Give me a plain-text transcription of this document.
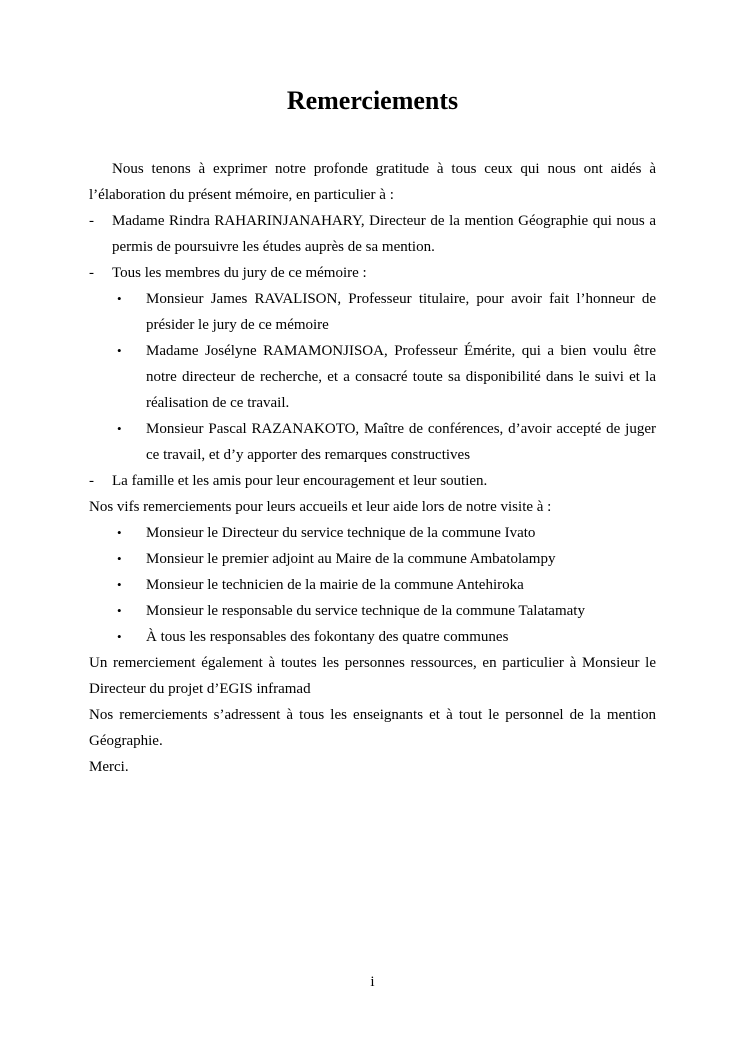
Remerciements

Nous tenons à exprimer notre profonde gratitude à tous ceux qui nous ont aidés à l’élaboration du présent mémoire, en particulier à :

-	Madame Rindra RAHARINJANAHARY, Directeur de la mention Géographie qui nous a permis de poursuivre les études auprès de sa mention.
-	Tous les membres du jury de ce mémoire :
•	Monsieur James RAVALISON, Professeur titulaire, pour avoir fait l’honneur de présider le jury de ce mémoire
•	Madame Josélyne RAMAMONJISOA, Professeur Émérite, qui a bien voulu être notre directeur de recherche, et a consacré toute sa disponibilité dans le suivi et la réalisation de ce travail.
•	Monsieur Pascal RAZANAKOTO, Maître de conférences, d’avoir accepté de juger ce travail, et d’y apporter des remarques constructives
-	La famille et les amis pour leur encouragement et leur soutien.

Nos vifs remerciements pour leurs accueils et leur aide lors de notre visite à :

•	Monsieur le Directeur du service technique de la commune Ivato
•	Monsieur le premier adjoint au Maire de la commune Ambatolampy
•	Monsieur le technicien de la mairie de la commune Antehiroka
•	Monsieur le responsable du service technique de la commune Talatamaty
•	À tous les responsables des fokontany des quatre communes

Un remerciement également à toutes les personnes ressources, en particulier à Monsieur le Directeur du projet d’EGIS inframad

Nos remerciements s’adressent à tous les enseignants et à tout le personnel de la mention Géographie.

Merci.

i
